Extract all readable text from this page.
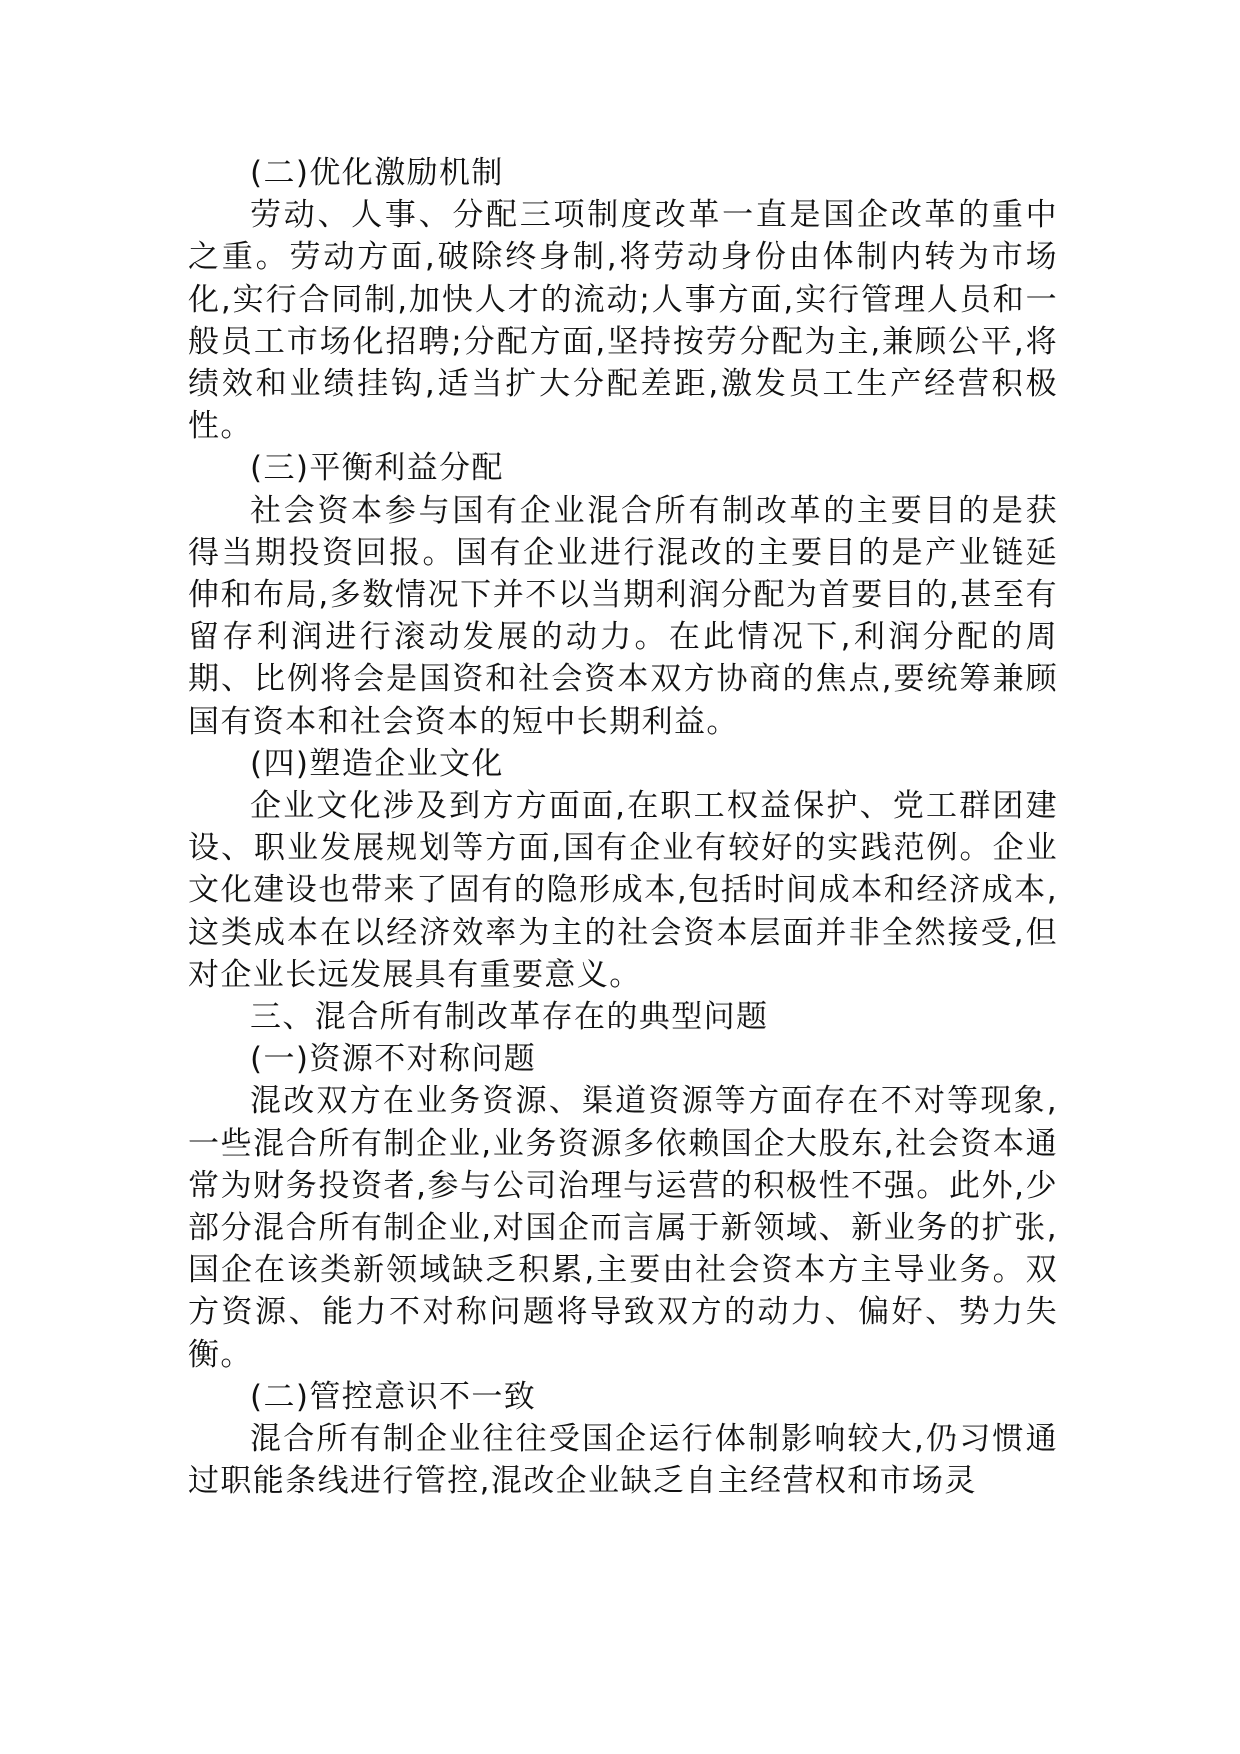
(二)优化激励机制

劳动、人事、分配三项制度改革一直是国企改革的重中之重。劳动方面,破除终身制,将劳动身份由体制内转为市场化,实行合同制,加快人才的流动;人事方面,实行管理人员和一般员工市场化招聘;分配方面,坚持按劳分配为主,兼顾公平,将绩效和业绩挂钩,适当扩大分配差距,激发员工生产经营积极性。

(三)平衡利益分配

社会资本参与国有企业混合所有制改革的主要目的是获得当期投资回报。国有企业进行混改的主要目的是产业链延伸和布局,多数情况下并不以当期利润分配为首要目的,甚至有留存利润进行滚动发展的动力。在此情况下,利润分配的周期、比例将会是国资和社会资本双方协商的焦点,要统筹兼顾国有资本和社会资本的短中长期利益。

(四)塑造企业文化

企业文化涉及到方方面面,在职工权益保护、党工群团建设、职业发展规划等方面,国有企业有较好的实践范例。企业文化建设也带来了固有的隐形成本,包括时间成本和经济成本,这类成本在以经济效率为主的社会资本层面并非全然接受,但对企业长远发展具有重要意义。

三、混合所有制改革存在的典型问题

(一)资源不对称问题

混改双方在业务资源、渠道资源等方面存在不对等现象,一些混合所有制企业,业务资源多依赖国企大股东,社会资本通常为财务投资者,参与公司治理与运营的积极性不强。此外,少部分混合所有制企业,对国企而言属于新领域、新业务的扩张,国企在该类新领域缺乏积累,主要由社会资本方主导业务。双方资源、能力不对称问题将导致双方的动力、偏好、势力失衡。

(二)管控意识不一致

混合所有制企业往往受国企运行体制影响较大,仍习惯通过职能条线进行管控,混改企业缺乏自主经营权和市场灵
